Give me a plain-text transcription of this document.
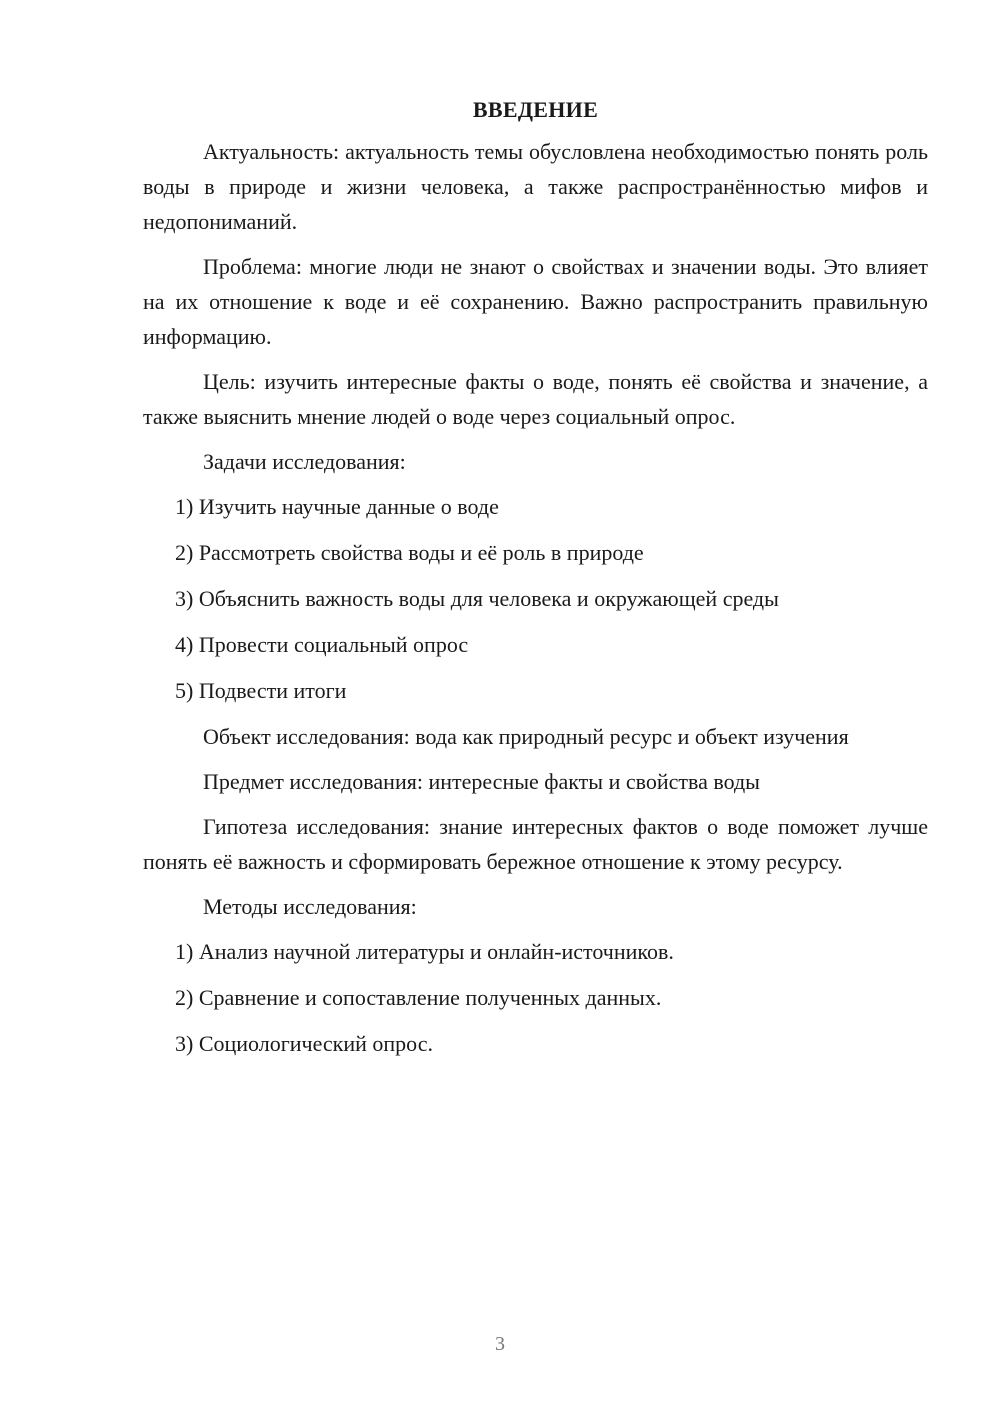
ВВЕДЕНИЕ

Актуальность: актуальность темы обусловлена необходимостью понять роль воды в природе и жизни человека, а также распространённостью мифов и недопониманий.

Проблема: многие люди не знают о свойствах и значении воды. Это влияет на их отношение к воде и её сохранению. Важно распространить правильную информацию.

Цель: изучить интересные факты о воде, понять её свойства и значение, а также выяснить мнение людей о воде через социальный опрос.

Задачи исследования:

1) Изучить научные данные о воде
2) Рассмотреть свойства воды и её роль в природе
3) Объяснить важность воды для человека и окружающей среды
4) Провести социальный опрос
5) Подвести итоги

Объект исследования: вода как природный ресурс и объект изучения

Предмет исследования: интересные факты и свойства воды

Гипотеза исследования: знание интересных фактов о воде поможет лучше понять её важность и сформировать бережное отношение к этому ресурсу.

Методы исследования:

1) Анализ научной литературы и онлайн-источников.
2) Сравнение и сопоставление полученных данных.
3) Социологический опрос.
3
